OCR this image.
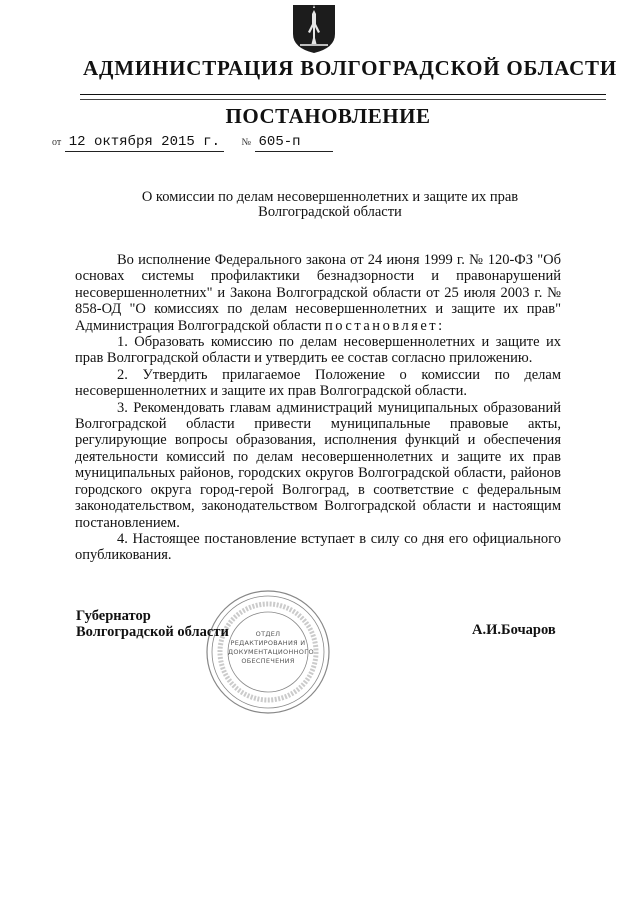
АДМИНИСТРАЦИЯ ВОЛГОГРАДСКОЙ ОБЛАСТИ
ПОСТАНОВЛЕНИЕ
от 12 октября 2015 г. № 605-п
О комиссии по делам несовершеннолетних и защите их прав
Волгоградской области

Во исполнение Федерального закона от 24 июня 1999 г. № 120-ФЗ "Об основах системы профилактики безнадзорности и правонарушений несовершеннолетних" и Закона Волгоградской области от 25 июля 2003 г. № 858-ОД "О комиссиях по делам несовершеннолетних и защите их прав" Администрация Волгоградской области постановляет:

1. Образовать комиссию по делам несовершеннолетних и защите их прав Волгоградской области и утвердить ее состав согласно приложению.

2. Утвердить прилагаемое Положение о комиссии по делам несовершеннолетних и защите их прав Волгоградской области.

3. Рекомендовать главам администраций муниципальных образований Волгоградской области привести муниципальные правовые акты, регулирующие вопросы образования, исполнения функций и обеспечения деятельности комиссий по делам несовершеннолетних и защите их прав муниципальных районов, городских округов Волгоградской области, районов городского округа город-герой Волгоград, в соответствие с федеральным законодательством, законодательством Волгоградской области и настоящим постановлением.

4. Настоящее постановление вступает в силу со дня его официального опубликования.

ОТДЕЛ
РЕДАКТИРОВАНИЯ И
ДОКУМЕНТАЦИОННОГО
ОБЕСПЕЧЕНИЯ
Губернатор
Волгоградской области	А.И.Бочаров
